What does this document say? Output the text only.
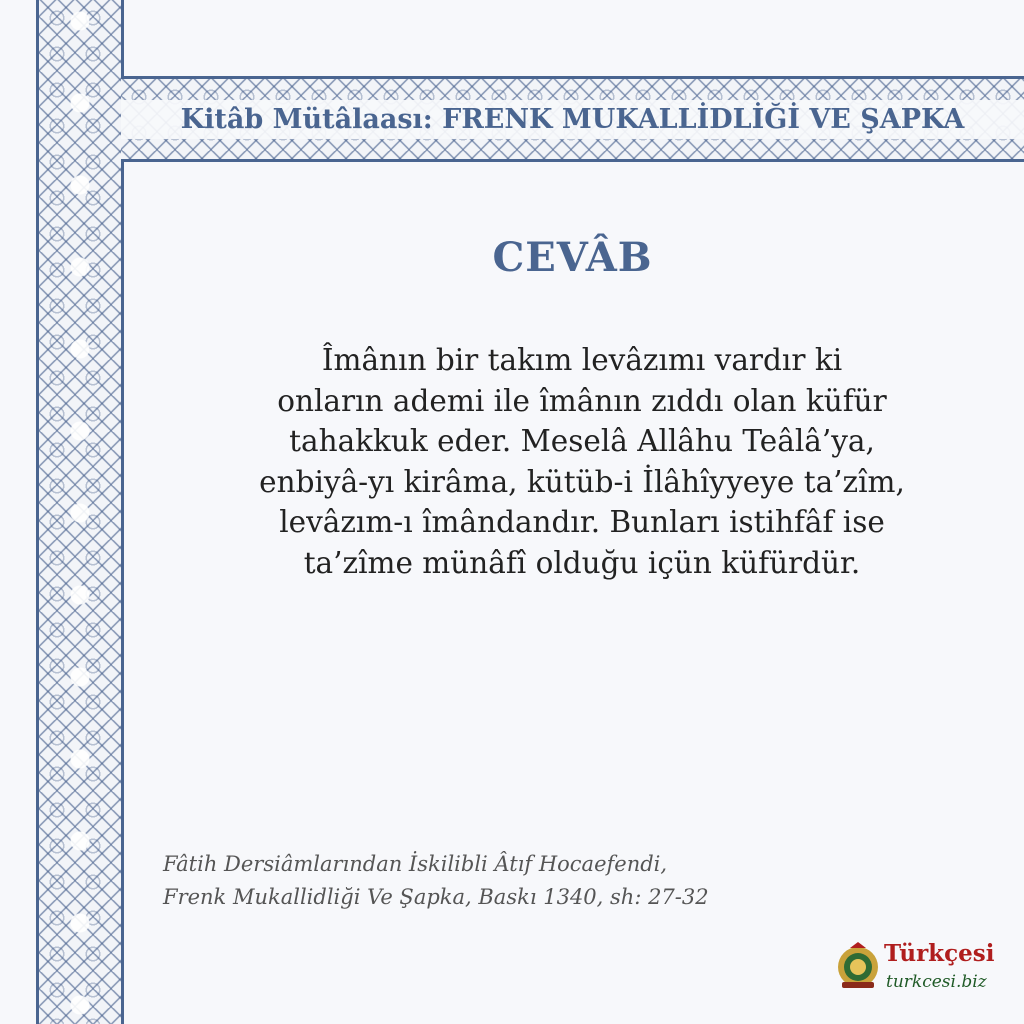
Kitâb Mütâlaası: FRENK MUKALLİDLİĞİ VE ŞAPKA
CEVÂB
Îmânın bir takım levâzımı vardır ki
onların ademi ile îmânın zıddı olan küfür
tahakkuk eder. Meselâ Allâhu Teâlâ’ya,
enbiyâ-yı kirâma, kütüb-i İlâhîyyeye ta’zîm,
levâzım-ı îmândandır. Bunları istihfâf ise
ta’zîme münâfî olduğu içün küfürdür.
Fâtih Dersiâmlarından İskilibli Âtıf Hocaefendi,
Frenk Mukallidliği Ve Şapka, Baskı 1340, sh: 27-32
Türkçesi
turkcesi.biz
